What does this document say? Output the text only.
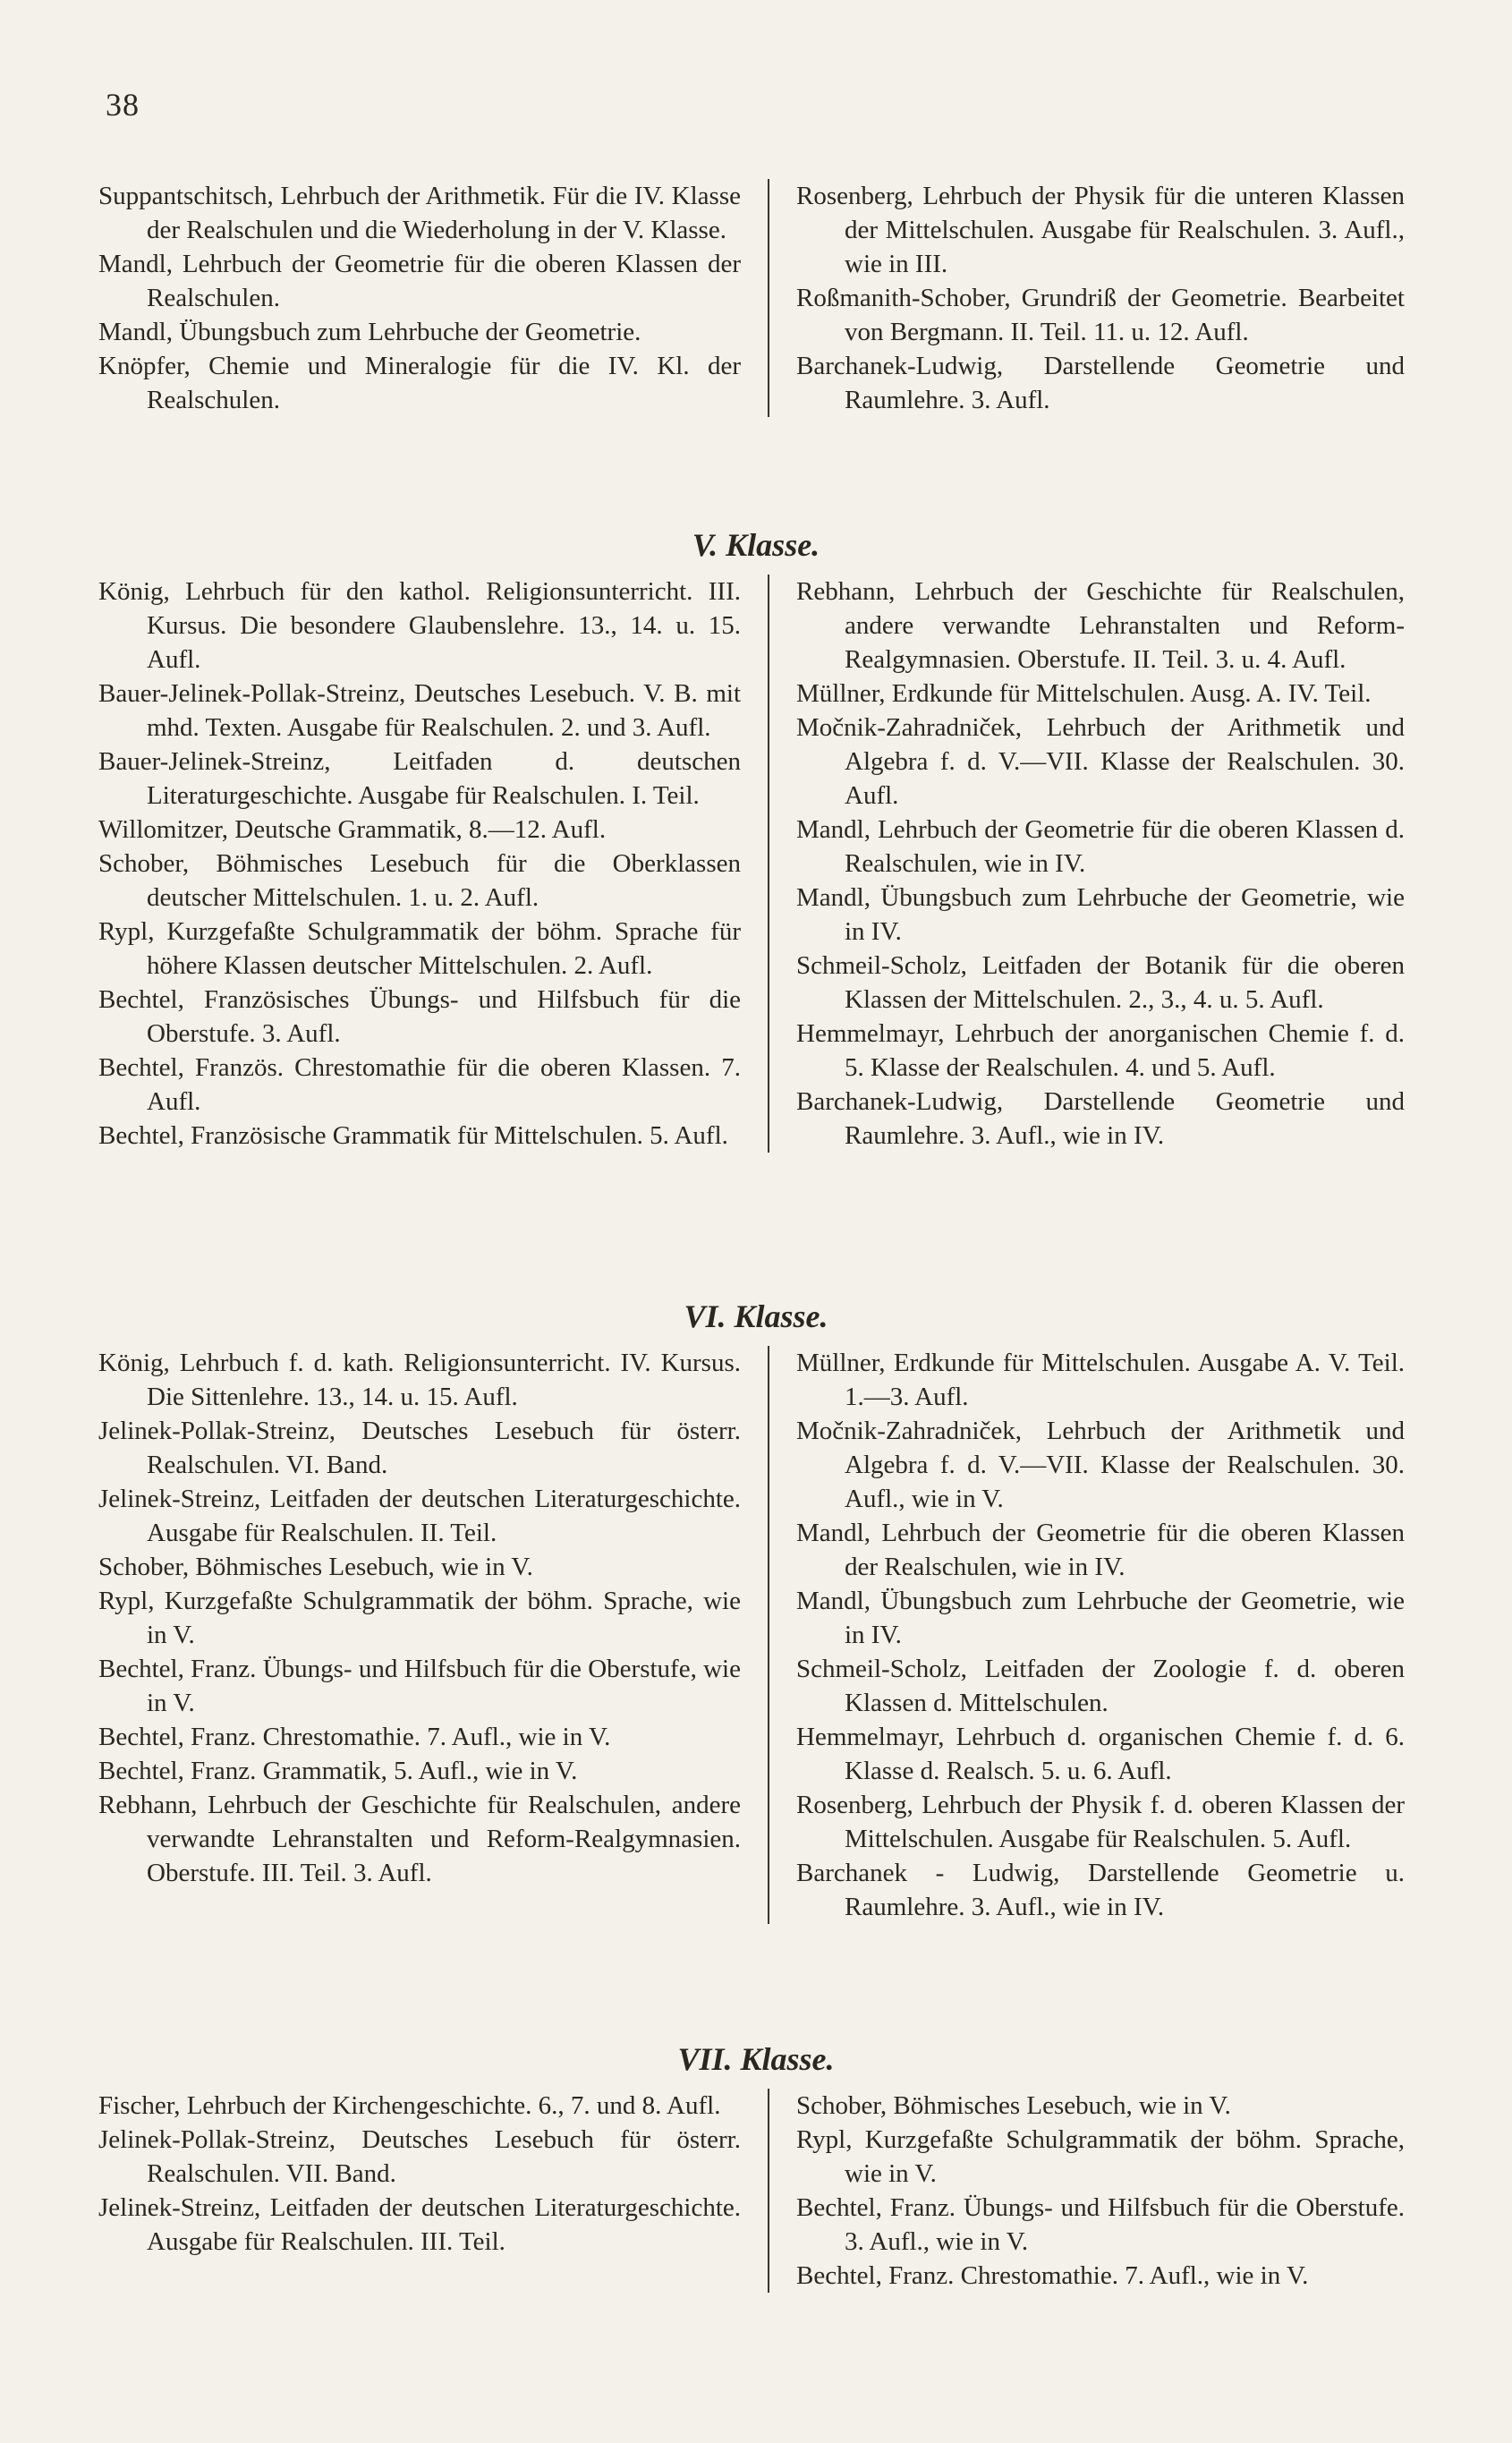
38

Suppantschitsch, Lehrbuch der Arithmetik. Für die IV. Klasse der Realschulen und die Wiederholung in der V. Klasse.

Mandl, Lehrbuch der Geometrie für die oberen Klassen der Realschulen.

Mandl, Übungsbuch zum Lehrbuche der Geometrie.

Knöpfer, Chemie und Mineralogie für die IV. Kl. der Realschulen.

Rosenberg, Lehrbuch der Physik für die unteren Klassen der Mittelschulen. Ausgabe für Realschulen. 3. Aufl., wie in III.

Roßmanith-Schober, Grundriß der Geometrie. Bearbeitet von Bergmann. II. Teil. 11. u. 12. Aufl.

Barchanek-Ludwig, Darstellende Geometrie und Raumlehre. 3. Aufl.

V. Klasse.

König, Lehrbuch für den kathol. Religionsunterricht. III. Kursus. Die besondere Glaubenslehre. 13., 14. u. 15. Aufl.

Bauer-Jelinek-Pollak-Streinz, Deutsches Lesebuch. V. B. mit mhd. Texten. Ausgabe für Realschulen. 2. und 3. Aufl.

Bauer-Jelinek-Streinz, Leitfaden d. deutschen Literaturgeschichte. Ausgabe für Realschulen. I. Teil.

Willomitzer, Deutsche Grammatik, 8.—12. Aufl.

Schober, Böhmisches Lesebuch für die Oberklassen deutscher Mittelschulen. 1. u. 2. Aufl.

Rypl, Kurzgefaßte Schulgrammatik der böhm. Sprache für höhere Klassen deutscher Mittelschulen. 2. Aufl.

Bechtel, Französisches Übungs- und Hilfsbuch für die Oberstufe. 3. Aufl.

Bechtel, Französ. Chrestomathie für die oberen Klassen. 7. Aufl.

Bechtel, Französische Grammatik für Mittelschulen. 5. Aufl.

Rebhann, Lehrbuch der Geschichte für Realschulen, andere verwandte Lehranstalten und Reform-Realgymnasien. Oberstufe. II. Teil. 3. u. 4. Aufl.

Müllner, Erdkunde für Mittelschulen. Ausg. A. IV. Teil.

Močnik-Zahradniček, Lehrbuch der Arithmetik und Algebra f. d. V.—VII. Klasse der Realschulen. 30. Aufl.

Mandl, Lehrbuch der Geometrie für die oberen Klassen d. Realschulen, wie in IV.

Mandl, Übungsbuch zum Lehrbuche der Geometrie, wie in IV.

Schmeil-Scholz, Leitfaden der Botanik für die oberen Klassen der Mittelschulen. 2., 3., 4. u. 5. Aufl.

Hemmelmayr, Lehrbuch der anorganischen Chemie f. d. 5. Klasse der Realschulen. 4. und 5. Aufl.

Barchanek-Ludwig, Darstellende Geometrie und Raumlehre. 3. Aufl., wie in IV.

VI. Klasse.

König, Lehrbuch f. d. kath. Religionsunterricht. IV. Kursus. Die Sittenlehre. 13., 14. u. 15. Aufl.

Jelinek-Pollak-Streinz, Deutsches Lesebuch für österr. Realschulen. VI. Band.

Jelinek-Streinz, Leitfaden der deutschen Literaturgeschichte. Ausgabe für Realschulen. II. Teil.

Schober, Böhmisches Lesebuch, wie in V.

Rypl, Kurzgefaßte Schulgrammatik der böhm. Sprache, wie in V.

Bechtel, Franz. Übungs- und Hilfsbuch für die Oberstufe, wie in V.

Bechtel, Franz. Chrestomathie. 7. Aufl., wie in V.

Bechtel, Franz. Grammatik, 5. Aufl., wie in V.

Rebhann, Lehrbuch der Geschichte für Realschulen, andere verwandte Lehranstalten und Reform-Realgymnasien. Oberstufe. III. Teil. 3. Aufl.

Müllner, Erdkunde für Mittelschulen. Ausgabe A. V. Teil. 1.—3. Aufl.

Močnik-Zahradniček, Lehrbuch der Arithmetik und Algebra f. d. V.—VII. Klasse der Realschulen. 30. Aufl., wie in V.

Mandl, Lehrbuch der Geometrie für die oberen Klassen der Realschulen, wie in IV.

Mandl, Übungsbuch zum Lehrbuche der Geometrie, wie in IV.

Schmeil-Scholz, Leitfaden der Zoologie f. d. oberen Klassen d. Mittelschulen.

Hemmelmayr, Lehrbuch d. organischen Chemie f. d. 6. Klasse d. Realsch. 5. u. 6. Aufl.

Rosenberg, Lehrbuch der Physik f. d. oberen Klassen der Mittelschulen. Ausgabe für Realschulen. 5. Aufl.

Barchanek - Ludwig, Darstellende Geometrie u. Raumlehre. 3. Aufl., wie in IV.

VII. Klasse.

Fischer, Lehrbuch der Kirchengeschichte. 6., 7. und 8. Aufl.

Jelinek-Pollak-Streinz, Deutsches Lesebuch für österr. Realschulen. VII. Band.

Jelinek-Streinz, Leitfaden der deutschen Literaturgeschichte. Ausgabe für Realschulen. III. Teil.

Schober, Böhmisches Lesebuch, wie in V.

Rypl, Kurzgefaßte Schulgrammatik der böhm. Sprache, wie in V.

Bechtel, Franz. Übungs- und Hilfsbuch für die Oberstufe. 3. Aufl., wie in V.

Bechtel, Franz. Chrestomathie. 7. Aufl., wie in V.
